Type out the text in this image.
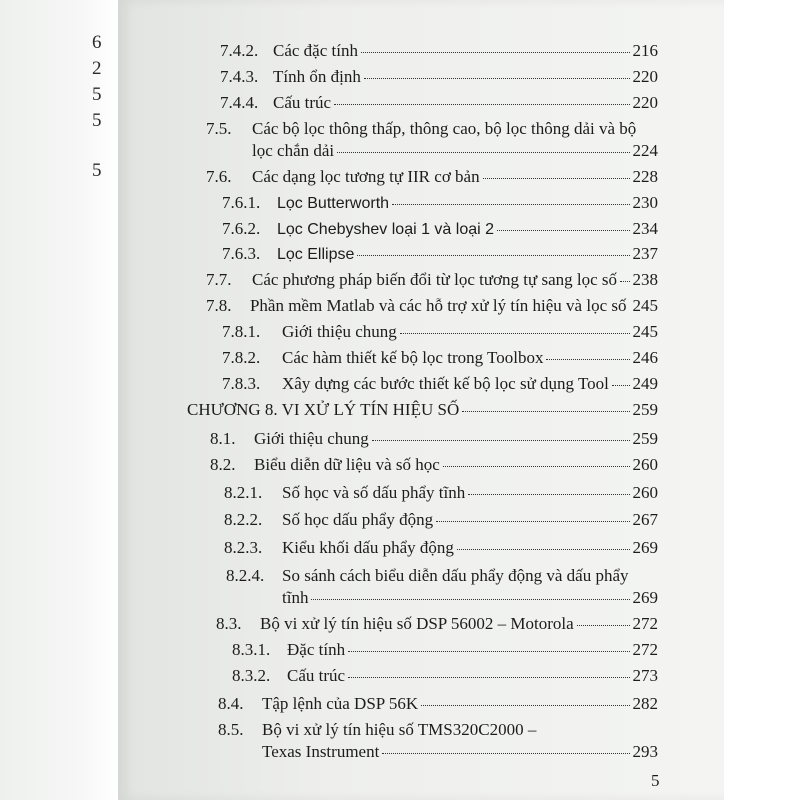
6
2
5
5
5
7.4.2. Các đặc tính	216
7.4.3. Tính ổn định	220
7.4.4. Cấu trúc	220
7.5. Các bộ lọc thông thấp, thông cao, bộ lọc thông dải và bộ
lọc chắn dải	224
7.6.	Các dạng lọc tương tự IIR cơ bản	228
7.6.1.	Lọc Butterworth	230
7.6.2.	Lọc Chebyshev loại 1 và loại 2	234
7.6.3.	Lọc Ellipse	237
7.7.	Các phương pháp biến đổi từ lọc tương tự sang lọc số 238
7.8.	Phần mềm Matlab và các hỗ trợ xử lý tín hiệu và lọc số 245
7.8.1.	Giới thiệu chung	245
7.8.2.	Các hàm thiết kế bộ lọc trong Toolbox	246
7.8.3.	Xây dựng các bước thiết kế bộ lọc sử dụng Tool 249
CHƯƠNG 8. VI XỬ LÝ TÍN HIỆU SỐ	259
8.1.	Giới thiệu chung	259
8.2.	Biểu diễn dữ liệu và số học	260
8.2.1.	Số học và số dấu phẩy tĩnh	260
8.2.2.	Số học dấu phẩy động	267
8.2.3.	Kiểu khối dấu phẩy động	269
8.2.4. So sánh cách biểu diễn dấu phẩy động và dấu phẩy
tĩnh	269
8.3.	Bộ vi xử lý tín hiệu số DSP 56002 – Motorola	272
8.3.1. Đặc tính	272
8.3.2. Cấu trúc	273
8.4.	Tập lệnh của DSP 56K	282
8.5. Bộ vi xử lý tín hiệu số TMS320C2000 –
Texas Instrument	293
5
